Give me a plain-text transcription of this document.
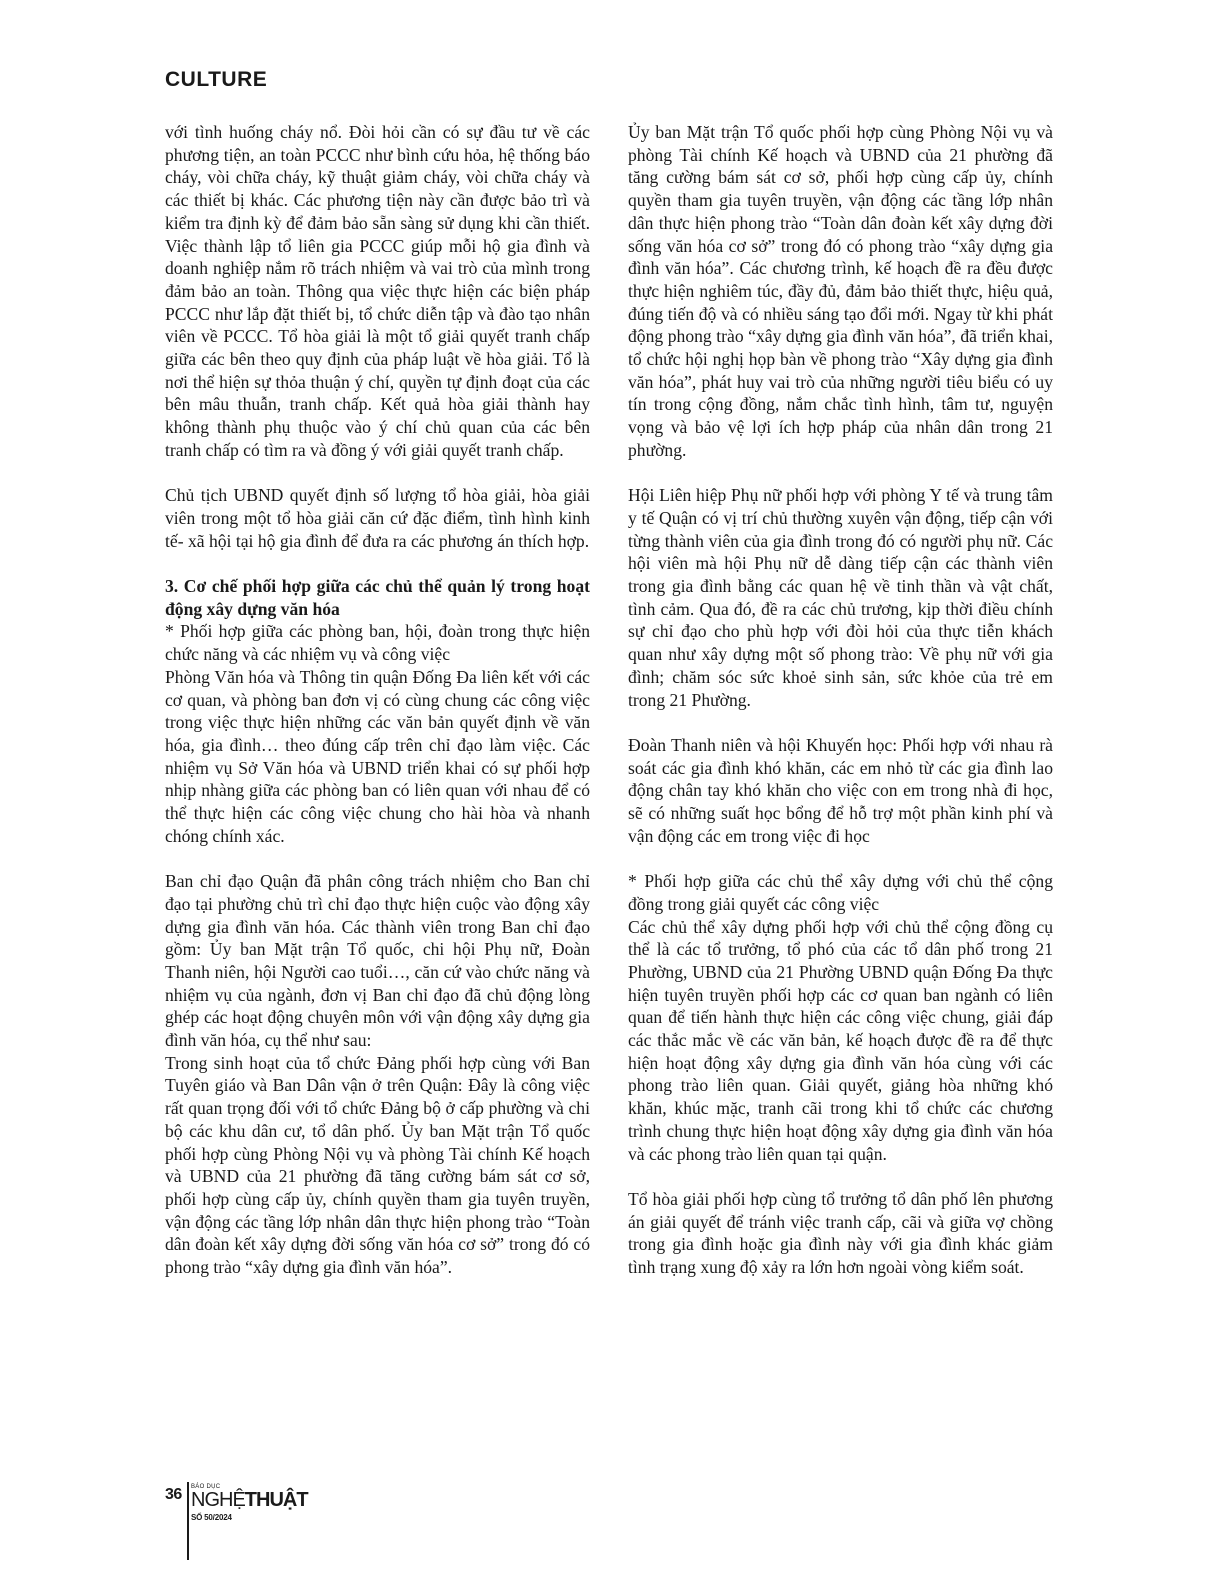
CULTURE

với tình huống cháy nổ. Đòi hỏi cần có sự đầu tư về các phương tiện, an toàn PCCC như bình cứu hỏa, hệ thống báo cháy, vòi chữa cháy, kỹ thuật giảm cháy, vòi chữa cháy và các thiết bị khác. Các phương tiện này cần được bảo trì và kiểm tra định kỳ để đảm bảo sẵn sàng sử dụng khi cần thiết. Việc thành lập tổ liên gia PCCC giúp mỗi hộ gia đình và doanh nghiệp nắm rõ trách nhiệm và vai trò của mình trong đảm bảo an toàn. Thông qua việc thực hiện các biện pháp PCCC như lắp đặt thiết bị, tổ chức diễn tập và đào tạo nhân viên về PCCC. Tổ hòa giải là một tổ giải quyết tranh chấp giữa các bên theo quy định của pháp luật về hòa giải. Tổ là nơi thể hiện sự thỏa thuận ý chí, quyền tự định đoạt của các bên mâu thuẫn, tranh chấp. Kết quả hòa giải thành hay không thành phụ thuộc vào ý chí chủ quan của các bên tranh chấp có tìm ra và đồng ý với giải quyết tranh chấp.

Chủ tịch UBND quyết định số lượng tổ hòa giải, hòa giải viên trong một tổ hòa giải căn cứ đặc điểm, tình hình kinh tế- xã hội tại hộ gia đình để đưa ra các phương án thích hợp.

3. Cơ chế phối hợp giữa các chủ thể quản lý trong hoạt động xây dựng văn hóa

* Phối hợp giữa các phòng ban, hội, đoàn trong thực hiện chức năng và các nhiệm vụ và công việc

Phòng Văn hóa và Thông tin quận Đống Đa liên kết với các cơ quan, và phòng ban đơn vị có cùng chung các công việc trong việc thực hiện những các văn bản quyết định về văn hóa, gia đình… theo đúng cấp trên chỉ đạo làm việc. Các nhiệm vụ Sở Văn hóa và UBND triển khai có sự phối hợp nhịp nhàng giữa các phòng ban có liên quan với nhau để có thể thực hiện các công việc chung cho hài hòa và nhanh chóng chính xác.

Ban chỉ đạo Quận đã phân công trách nhiệm cho Ban chỉ đạo tại phường chủ trì chỉ đạo thực hiện cuộc vào động xây dựng gia đình văn hóa. Các thành viên trong Ban chỉ đạo gồm: Ủy ban Mặt trận Tổ quốc, chi hội Phụ nữ, Đoàn Thanh niên, hội Người cao tuổi…, căn cứ vào chức năng và nhiệm vụ của ngành, đơn vị Ban chỉ đạo đã chủ động lòng ghép các hoạt động chuyên môn với vận động xây dựng gia đình văn hóa, cụ thể như sau:

Trong sinh hoạt của tổ chức Đảng phối hợp cùng với Ban Tuyên giáo và Ban Dân vận ở trên Quận: Đây là công việc rất quan trọng đối với tổ chức Đảng bộ ở cấp phường và chi bộ các khu dân cư, tổ dân phố. Ủy ban Mặt trận Tổ quốc phối hợp cùng Phòng Nội vụ và phòng Tài chính Kế hoạch và UBND của 21 phường đã tăng cường bám sát cơ sở, phối hợp cùng cấp ủy, chính quyền tham gia tuyên truyền, vận động các tầng lớp nhân dân thực hiện phong trào “Toàn dân đoàn kết xây dựng đời sống văn hóa cơ sở” trong đó có phong trào “xây dựng gia đình văn hóa”.

Ủy ban Mặt trận Tổ quốc phối hợp cùng Phòng Nội vụ và phòng Tài chính Kế hoạch và UBND của 21 phường đã tăng cường bám sát cơ sở, phối hợp cùng cấp ủy, chính quyền tham gia tuyên truyền, vận động các tầng lớp nhân dân thực hiện phong trào “Toàn dân đoàn kết xây dựng đời sống văn hóa cơ sở” trong đó có phong trào “xây dựng gia đình văn hóa”. Các chương trình, kế hoạch đề ra đều được thực hiện nghiêm túc, đầy đủ, đảm bảo thiết thực, hiệu quả, đúng tiến độ và có nhiều sáng tạo đổi mới. Ngay từ khi phát động phong trào “xây dựng gia đình văn hóa”, đã triển khai, tổ chức hội nghị họp bàn về phong trào “Xây dựng gia đình văn hóa”, phát huy vai trò của những người tiêu biểu có uy tín trong cộng đồng, nắm chắc tình hình, tâm tư, nguyện vọng và bảo vệ lợi ích hợp pháp của nhân dân trong 21 phường.

Hội Liên hiệp Phụ nữ phối hợp với phòng Y tế và trung tâm y tế Quận có vị trí chủ thường xuyên vận động, tiếp cận với từng thành viên của gia đình trong đó có người phụ nữ. Các hội viên mà hội Phụ nữ dễ dàng tiếp cận các thành viên trong gia đình bằng các quan hệ về tinh thần và vật chất, tình cảm. Qua đó, đề ra các chủ trương, kịp thời điều chính sự chỉ đạo cho phù hợp với đòi hỏi của thực tiễn khách quan như xây dựng một số phong trào: Về phụ nữ với gia đình; chăm sóc sức khoẻ sinh sản, sức khỏe của trẻ em trong 21 Phường.

Đoàn Thanh niên và hội Khuyến học: Phối hợp với nhau rà soát các gia đình khó khăn, các em nhỏ từ các gia đình lao động chân tay khó khăn cho việc con em trong nhà đi học, sẽ có những suất học bổng để hỗ trợ một phần kinh phí và vận động các em trong việc đi học

* Phối hợp giữa các chủ thể xây dựng với chủ thể cộng đồng trong giải quyết các công việc

Các chủ thể xây dựng phối hợp với chủ thể cộng đồng cụ thể là các tổ trưởng, tổ phó của các tổ dân phố trong 21 Phường, UBND của 21 Phường UBND quận Đống Đa thực hiện tuyên truyền phối hợp các cơ quan ban ngành có liên quan để tiến hành thực hiện các công việc chung, giải đáp các thắc mắc về các văn bản, kế hoạch được đề ra để thực hiện hoạt động xây dựng gia đình văn hóa cùng với các phong trào liên quan. Giải quyết, giảng hòa những khó khăn, khúc mặc, tranh cãi trong khi tổ chức các chương trình chung thực hiện hoạt động xây dựng gia đình văn hóa và các phong trào liên quan tại quận.

Tổ hòa giải phối hợp cùng tổ trưởng tổ dân phố lên phương án giải quyết để tránh việc tranh cấp, cãi và giữa vợ chồng trong gia đình hoặc gia đình này với gia đình khác giảm tình trạng xung độ xảy ra lớn hơn ngoài vòng kiểm soát.

36 BÁO DỤC
NGHỆTHUẬT
SỐ 50/2024
